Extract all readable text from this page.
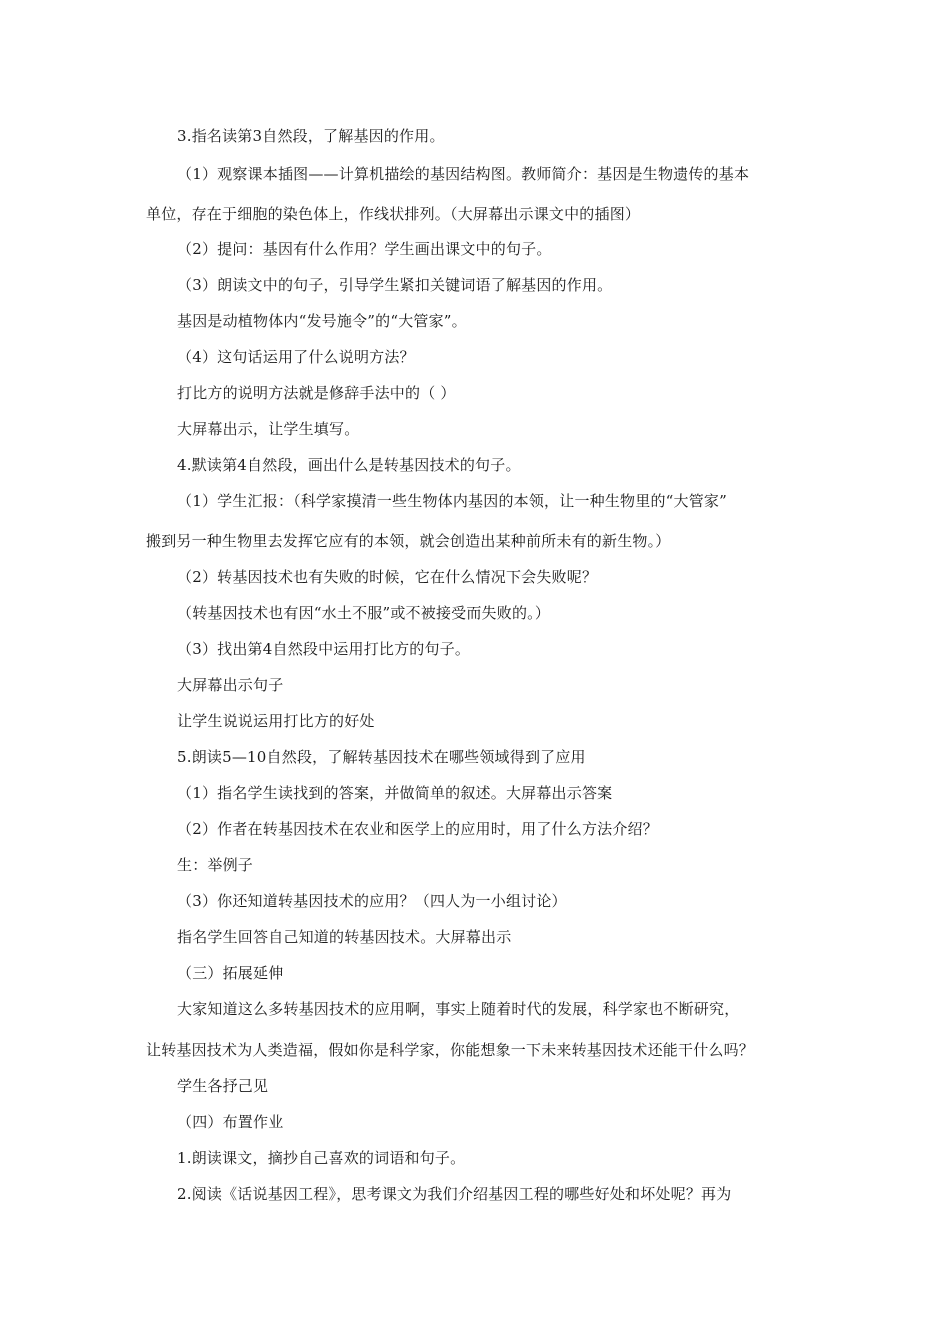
3.指名读第3自然段，了解基因的作用。
（1）观察课本插图——计算机描绘的基因结构图。教师简介：基因是生物遗传的基本
单位，存在于细胞的染色体上，作线状排列。（大屏幕出示课文中的插图）
（2）提问：基因有什么作用？学生画出课文中的句子。
（3）朗读文中的句子，引导学生紧扣关键词语了解基因的作用。
基因是动植物体内“发号施令”的“大管家”。
（4）这句话运用了什么说明方法？
打比方的说明方法就是修辞手法中的（ ）
大屏幕出示，让学生填写。
4.默读第4自然段，画出什么是转基因技术的句子。
（1）学生汇报：（科学家摸清一些生物体内基因的本领，让一种生物里的“大管家”
搬到另一种生物里去发挥它应有的本领，就会创造出某种前所未有的新生物。）
（2）转基因技术也有失败的时候，它在什么情况下会失败呢？
（转基因技术也有因“水土不服”或不被接受而失败的。）
（3）找出第4自然段中运用打比方的句子。
大屏幕出示句子
让学生说说运用打比方的好处
5.朗读5—10自然段，了解转基因技术在哪些领域得到了应用
（1）指名学生读找到的答案，并做简单的叙述。大屏幕出示答案
（2）作者在转基因技术在农业和医学上的应用时，用了什么方法介绍？
生：举例子
（3）你还知道转基因技术的应用？（四人为一小组讨论）
指名学生回答自己知道的转基因技术。大屏幕出示
（三）拓展延伸
大家知道这么多转基因技术的应用啊，事实上随着时代的发展，科学家也不断研究，
让转基因技术为人类造福，假如你是科学家，你能想象一下未来转基因技术还能干什么吗？
学生各抒己见
（四）布置作业
1.朗读课文，摘抄自己喜欢的词语和句子。
2.阅读《话说基因工程》，思考课文为我们介绍基因工程的哪些好处和坏处呢？再为
